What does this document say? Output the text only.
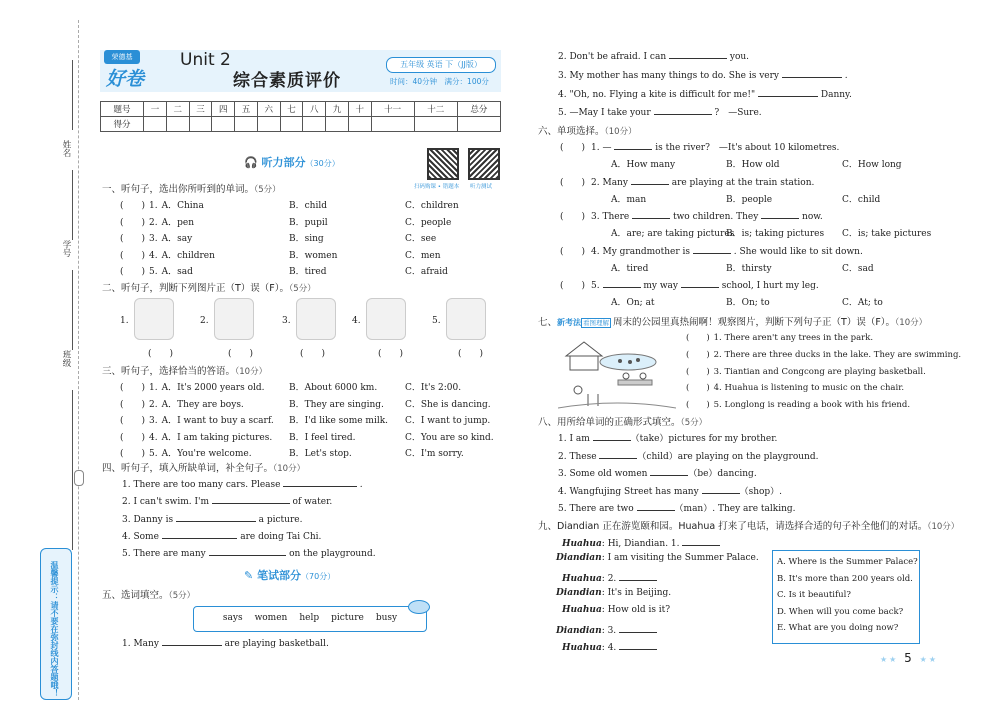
姓名
学号
班级
温馨提示：请不要在弥封线内答题哦！
荣德基
好卷
Unit 2
综合素质评价
五年级 英语 下（JJ版）
时间：40分钟　满分：100分
题号	一	二	三	四	五	六	七	八	九	十	十一	十二	总分
得分													
🎧 听力部分（30分）
扫码购课 • 错题本 听力测试
一、听句子，选出你所听到的单词。（5分）
(　　) 1. A．China	B．child	C．children
(　　) 2. A．pen	B．pupil	C．people
(　　) 3. A．say	B．sing	C．see
(　　) 4. A．children	B．women	C．men
(　　) 5. A．sad	B．tired	C．afraid
二、听句子，判断下列图片正（T）误（F）。（5分）
1.
(　　)
2.
(　　)
3.
(　　)
4.
(　　)
5.
(　　)
三、听句子，选择恰当的答语。（10分）
(　　) 1. A．It's 2000 years old.	B．About 6000 km.	C．It's 2:00.
(　　) 2. A．They are boys.	B．They are singing. C．She is dancing.
(　　) 3. A．I want to buy a scarf. B．I'd like some milk. C．I want to jump.
(　　) 4. A．I am taking pictures. B．I feel tired.	C．You are so kind.
(　　) 5. A．You're welcome.	B．Let's stop.	C．I'm sorry.
四、听句子，填入所缺单词，补全句子。（10分）
1. There are too many cars. Please	.
2. I can't swim. I'm	of water.
3. Danny is	a picture.
4. Some	are doing Tai Chi.
5. There are many	on the playground.
✎ 笔试部分（70分）
五、选词填空。（5分）
says women help picture busy
1. Many	are playing basketball.
2. Don't be afraid. I can	you.
3. My mother has many things to do. She is very	.
4. "Oh, no. Flying a kite is difficult for me!"	Danny.
5. —May I take your	?　—Sure.
六、单项选择。（10分）
(　　) 1. —	is the river?　—It's about 10 kilometres.
A．How many	B．How old	C．How long
(　　) 2. Many	are playing at the train station.
A．man	B．people	C．child
(　　) 3. There	two children. They	now.
A．are; are taking pictures
B．is; taking pictures C．is; take pictures
(　　) 4. My grandmother is	. She would like to sit down.
A．tired	B．thirsty	C．sad
(　　) 5.	my way	school, I hurt my leg.
A．On; at	B．On; to	C．At; to
七、新考法 看图理解 周末的公园里真热闹啊！观察图片，判断下列句子正（T）误（F）。（10分）
(　　) 1. There aren't any trees in the park.
(　　) 2. There are three ducks in the lake. They are swimming.
(　　) 3. Tiantian and Congcong are playing basketball.
(　　) 4. Huahua is listening to music on the chair.
(　　) 5. Longlong is reading a book with his friend.
八、用所给单词的正确形式填空。（5分）
1. I am	（take）pictures for my brother.
2. These	（child）are playing on the playground.
3. Some old women	（be）dancing.
4. Wangfujing Street has many	（shop）.
5. There are two	（man）. They are talking.
九、Diandian 正在游览颐和园。Huahua 打来了电话，请选择合适的句子补全他们的对话。（10分）
Huahua: Hi, Diandian. 1.
Diandian: I am visiting the Summer Palace.
Huahua: 2.
Diandian: It's in Beijing.
Huahua: How old is it?
Diandian: 3.
Huahua: 4.
A. Where is the Summer Palace?
B. It's more than 200 years old.
C. Is it beautiful?
D. When will you come back?
E. What are you doing now?
★★ 5 ★★
